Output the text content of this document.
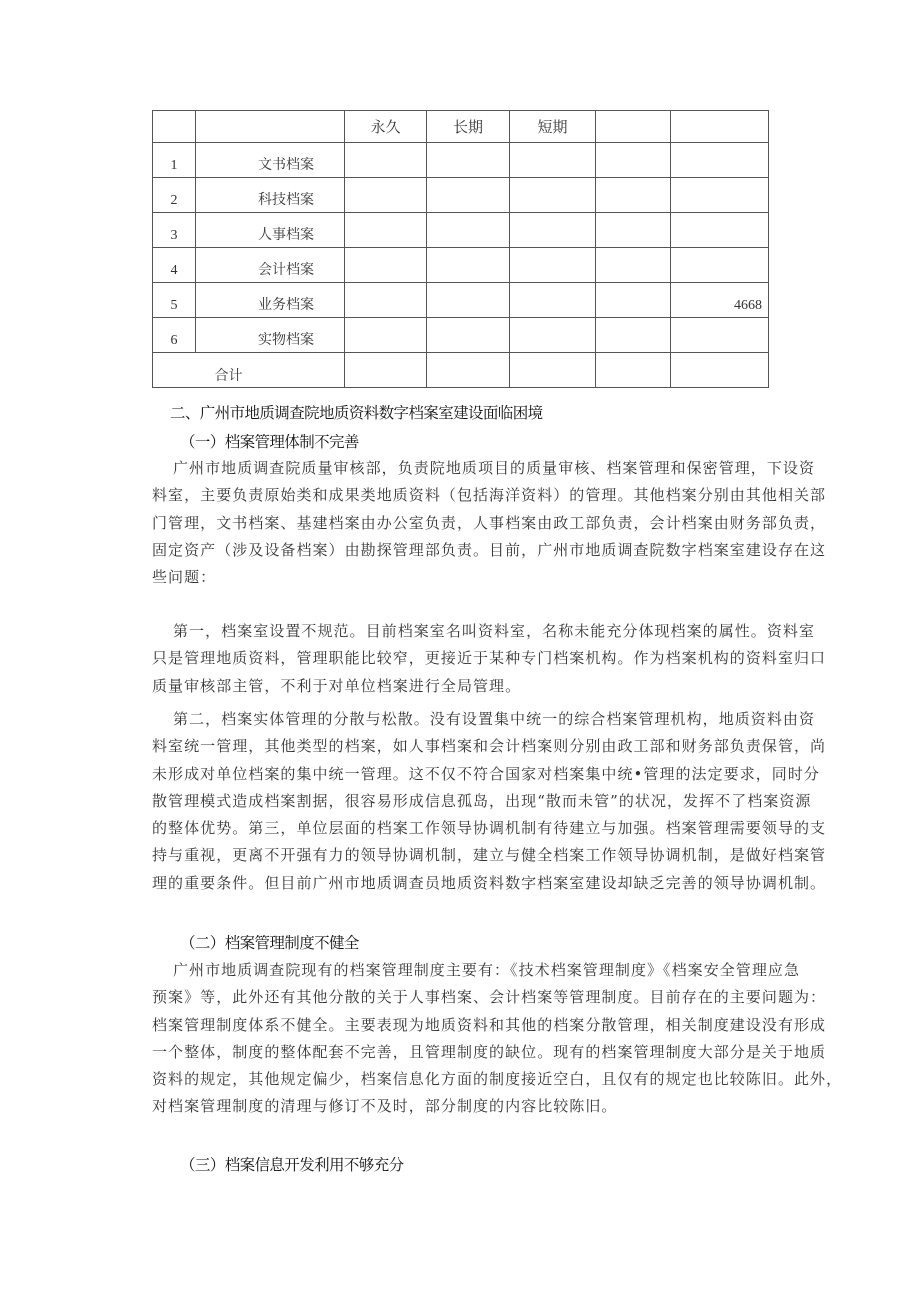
		永久	长期	短期		
1	文书档案					
2	科技档案					
3	人事档案					
4	会计档案					
5	业务档案					4668
6	实物档案					
合计						
二、广州市地质调查院地质资料数字档案室建设面临困境
（一）档案管理体制不完善
广州市地质调查院质量审核部，负责院地质项目的质量审核、档案管理和保密管理，下设资
料室，主要负责原始类和成果类地质资料（包括海洋资料）的管理。其他档案分别由其他相关部
门管理，文书档案、基建档案由办公室负责，人事档案由政工部负责，会计档案由财务部负责，
固定资产（涉及设备档案）由勘探管理部负责。目前，广州市地质调查院数字档案室建设存在这
些问题：
第一，档案室设置不规范。目前档案室名叫资料室，名称未能充分体现档案的属性。资料室
只是管理地质资料，管理职能比较窄，更接近于某种专门档案机构。作为档案机构的资料室归口
质量审核部主管，不利于对单位档案进行全局管理。
第二，档案实体管理的分散与松散。没有设置集中统一的综合档案管理机构，地质资料由资
料室统一管理，其他类型的档案，如人事档案和会计档案则分别由政工部和财务部负责保管，尚
未形成对单位档案的集中统一管理。这不仅不符合国家对档案集中统•管理的法定要求，同时分
散管理模式造成档案割据，很容易形成信息孤岛，出现“散而未管”的状况，发挥不了档案资源
的整体优势。第三，单位层面的档案工作领导协调机制有待建立与加强。档案管理需要领导的支
持与重视，更离不开强有力的领导协调机制，建立与健全档案工作领导协调机制，是做好档案管
理的重要条件。但目前广州市地质调查员地质资料数字档案室建设却缺乏完善的领导协调机制。
（二）档案管理制度不健全
广州市地质调查院现有的档案管理制度主要有：《技术档案管理制度》《档案安全管理应急
预案》等，此外还有其他分散的关于人事档案、会计档案等管理制度。目前存在的主要问题为：
档案管理制度体系不健全。主要表现为地质资料和其他的档案分散管理，相关制度建设没有形成
一个整体，制度的整体配套不完善，且管理制度的缺位。现有的档案管理制度大部分是关于地质
资料的规定，其他规定偏少，档案信息化方面的制度接近空白，且仅有的规定也比较陈旧。此外，
对档案管理制度的清理与修订不及时，部分制度的内容比较陈旧。
（三）档案信息开发利用不够充分
